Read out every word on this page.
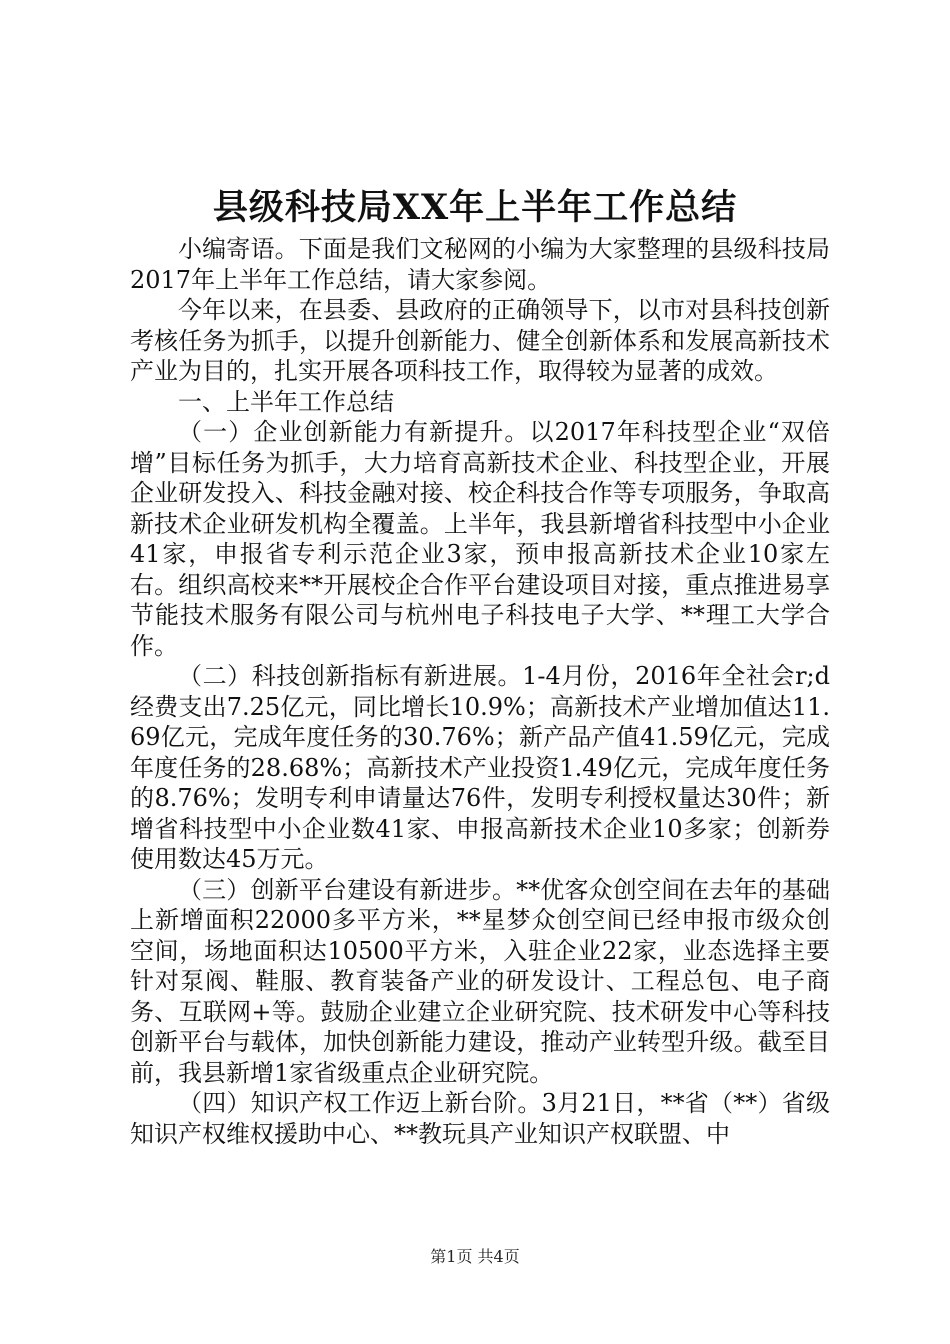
县级科技局XX年上半年工作总结

小编寄语。下面是我们文秘网的小编为大家整理的县级科技局2017年上半年工作总结，请大家参阅。

今年以来，在县委、县政府的正确领导下，以市对县科技创新考核任务为抓手，以提升创新能力、健全创新体系和发展高新技术产业为目的，扎实开展各项科技工作，取得较为显著的成效。

一、上半年工作总结

（一）企业创新能力有新提升。以2017年科技型企业“双倍增”目标任务为抓手，大力培育高新技术企业、科技型企业，开展企业研发投入、科技金融对接、校企科技合作等专项服务，争取高新技术企业研发机构全覆盖。上半年，我县新增省科技型中小企业41家，申报省专利示范企业3家，预申报高新技术企业10家左右。组织高校来**开展校企合作平台建设项目对接，重点推进易享节能技术服务有限公司与杭州电子科技电子大学、**理工大学合作。

（二）科技创新指标有新进展。1-4月份，2016年全社会r;d经费支出7.25亿元，同比增长10.9%；高新技术产业增加值达11.69亿元，完成年度任务的30.76%；新产品产值41.59亿元，完成年度任务的28.68%；高新技术产业投资1.49亿元，完成年度任务的8.76%；发明专利申请量达76件，发明专利授权量达30件；新增省科技型中小企业数41家、申报高新技术企业10多家；创新券使用数达45万元。

（三）创新平台建设有新进步。**优客众创空间在去年的基础上新增面积22000多平方米，**星梦众创空间已经申报市级众创空间，场地面积达10500平方米，入驻企业22家，业态选择主要针对泵阀、鞋服、教育装备产业的研发设计、工程总包、电子商务、互联网+等。鼓励企业建立企业研究院、技术研发中心等科技创新平台与载体，加快创新能力建设，推动产业转型升级。截至目前，我县新增1家省级重点企业研究院。

（四）知识产权工作迈上新台阶。3月21日，**省（**）省级知识产权维权援助中心、**教玩具产业知识产权联盟、中

第1页 共4页
